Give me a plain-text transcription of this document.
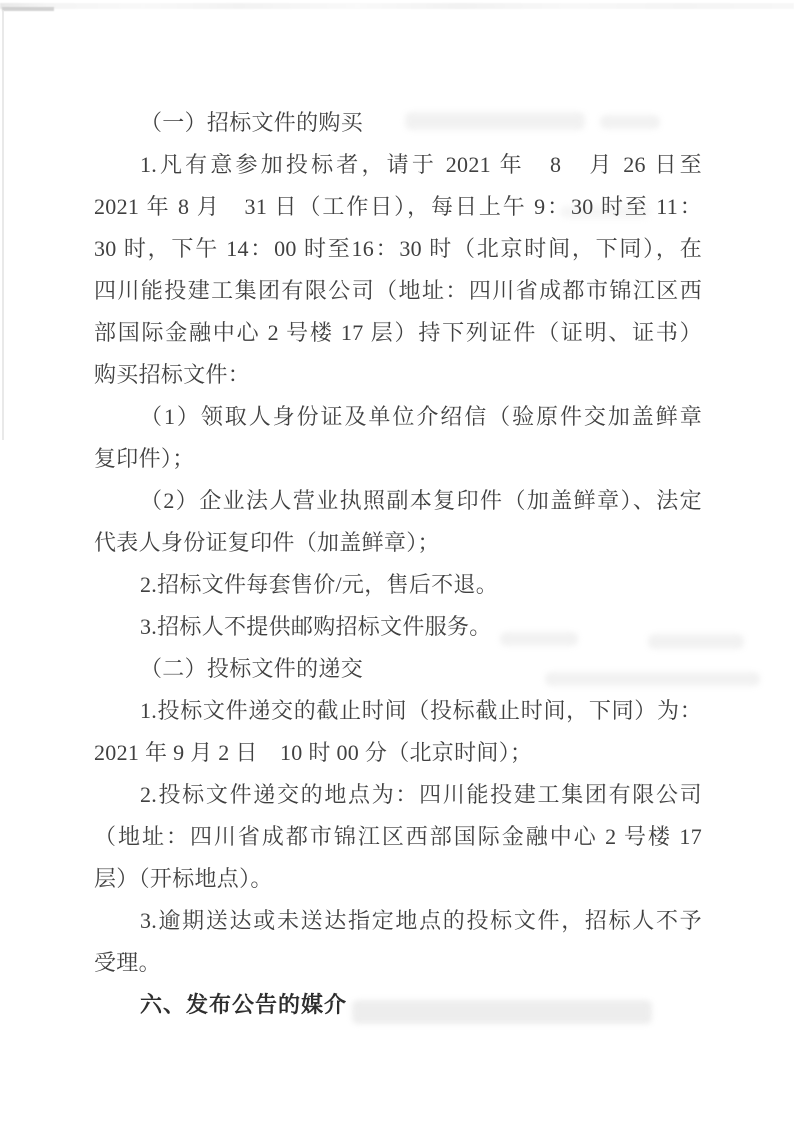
（一）招标文件的购买
1.凡有意参加投标者，请于 2021 年　8　月 26 日至
2021 年 8 月　31 日（工作日），每日上午 9：30 时至 11：
30 时，下午 14：00 时至16：30 时（北京时间，下同），在
四川能投建工集团有限公司（地址：四川省成都市锦江区西
部国际金融中心 2 号楼 17 层）持下列证件（证明、证书）
购买招标文件：
（1）领取人身份证及单位介绍信（验原件交加盖鲜章
复印件）；
（2）企业法人营业执照副本复印件（加盖鲜章）、法定
代表人身份证复印件（加盖鲜章）；
2.招标文件每套售价/元，售后不退。
3.招标人不提供邮购招标文件服务。
（二）投标文件的递交
1.投标文件递交的截止时间（投标截止时间，下同）为：
2021 年 9 月 2 日　10 时 00 分（北京时间）；
2.投标文件递交的地点为：四川能投建工集团有限公司
（地址：四川省成都市锦江区西部国际金融中心 2 号楼 17
层）（开标地点）。
3.逾期送达或未送达指定地点的投标文件，招标人不予
受理。
六、发布公告的媒介
